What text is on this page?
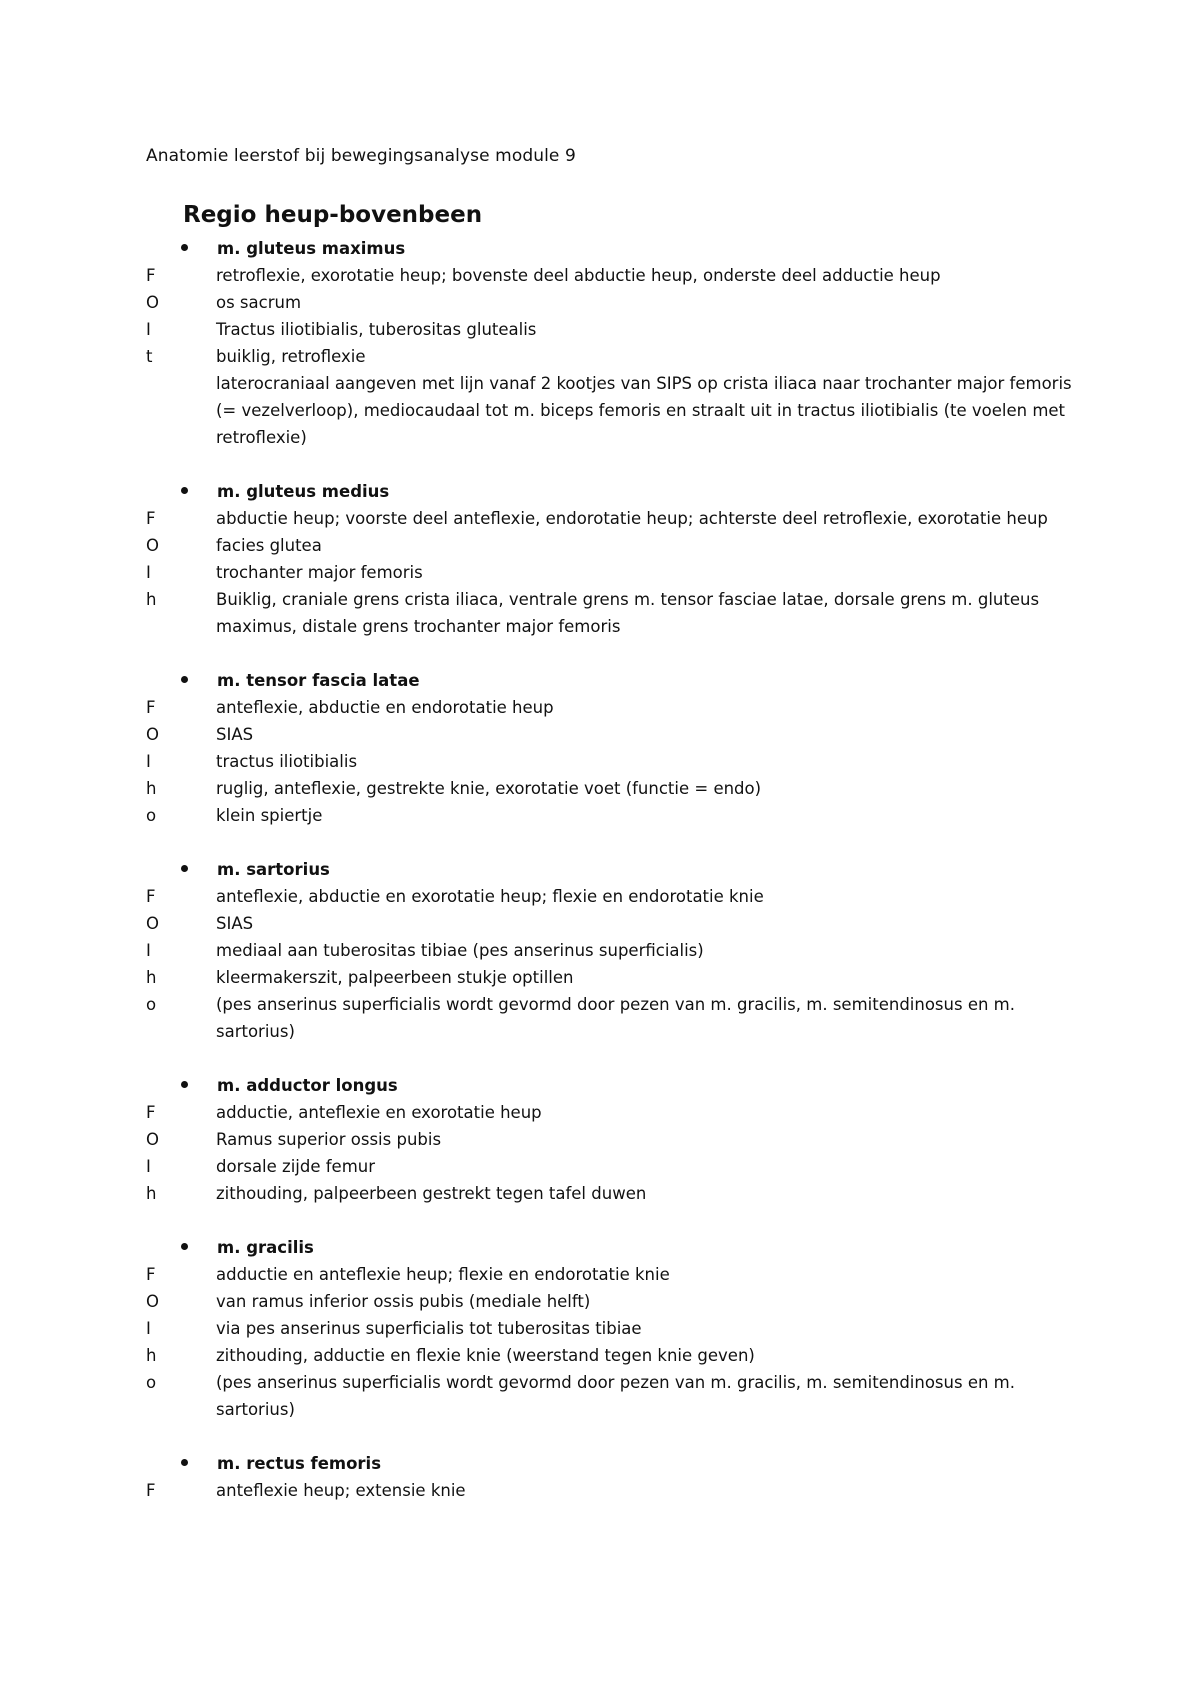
Anatomie leerstof bij bewegingsanalyse module 9
Regio heup-bovenbeen
m. gluteus maximus
F	retroflexie, exorotatie heup; bovenste deel abductie heup, onderste deel adductie heup
O	os sacrum
I	Tractus iliotibialis, tuberositas glutealis
t	buiklig, retroflexie
laterocraniaal aangeven met lijn vanaf 2 kootjes van SIPS op crista iliaca naar trochanter major femoris (= vezelverloop), mediocaudaal tot m. biceps femoris en straalt uit in tractus iliotibialis (te voelen met retroflexie)
m. gluteus medius
F	abductie heup; voorste deel anteflexie, endorotatie heup; achterste deel retroflexie, exorotatie heup
O	facies glutea
I	trochanter major femoris
h	Buiklig, craniale grens crista iliaca, ventrale grens m. tensor fasciae latae, dorsale grens m. gluteus maximus, distale grens trochanter major femoris
m. tensor fascia latae
F	anteflexie, abductie en endorotatie heup
O	SIAS
I	tractus iliotibialis
h	ruglig, anteflexie, gestrekte knie, exorotatie voet (functie = endo)
o	klein spiertje
m. sartorius
F	anteflexie, abductie en exorotatie heup; flexie en endorotatie knie
O	SIAS
I	mediaal aan tuberositas tibiae (pes anserinus superficialis)
h	kleermakerszit, palpeerbeen stukje optillen
o	(pes anserinus superficialis wordt gevormd door pezen van m. gracilis, m. semitendinosus en m. sartorius)
m. adductor longus
F	adductie, anteflexie en exorotatie heup
O	Ramus superior ossis pubis
I	dorsale zijde femur
h	zithouding, palpeerbeen gestrekt tegen tafel duwen
m. gracilis
F	adductie en anteflexie heup; flexie en endorotatie knie
O	van ramus inferior ossis pubis (mediale helft)
I	via pes anserinus superficialis tot tuberositas tibiae
h	zithouding, adductie en flexie knie (weerstand tegen knie geven)
o	(pes anserinus superficialis wordt gevormd door pezen van m. gracilis, m. semitendinosus en m. sartorius)
m. rectus femoris
F	anteflexie heup; extensie knie
